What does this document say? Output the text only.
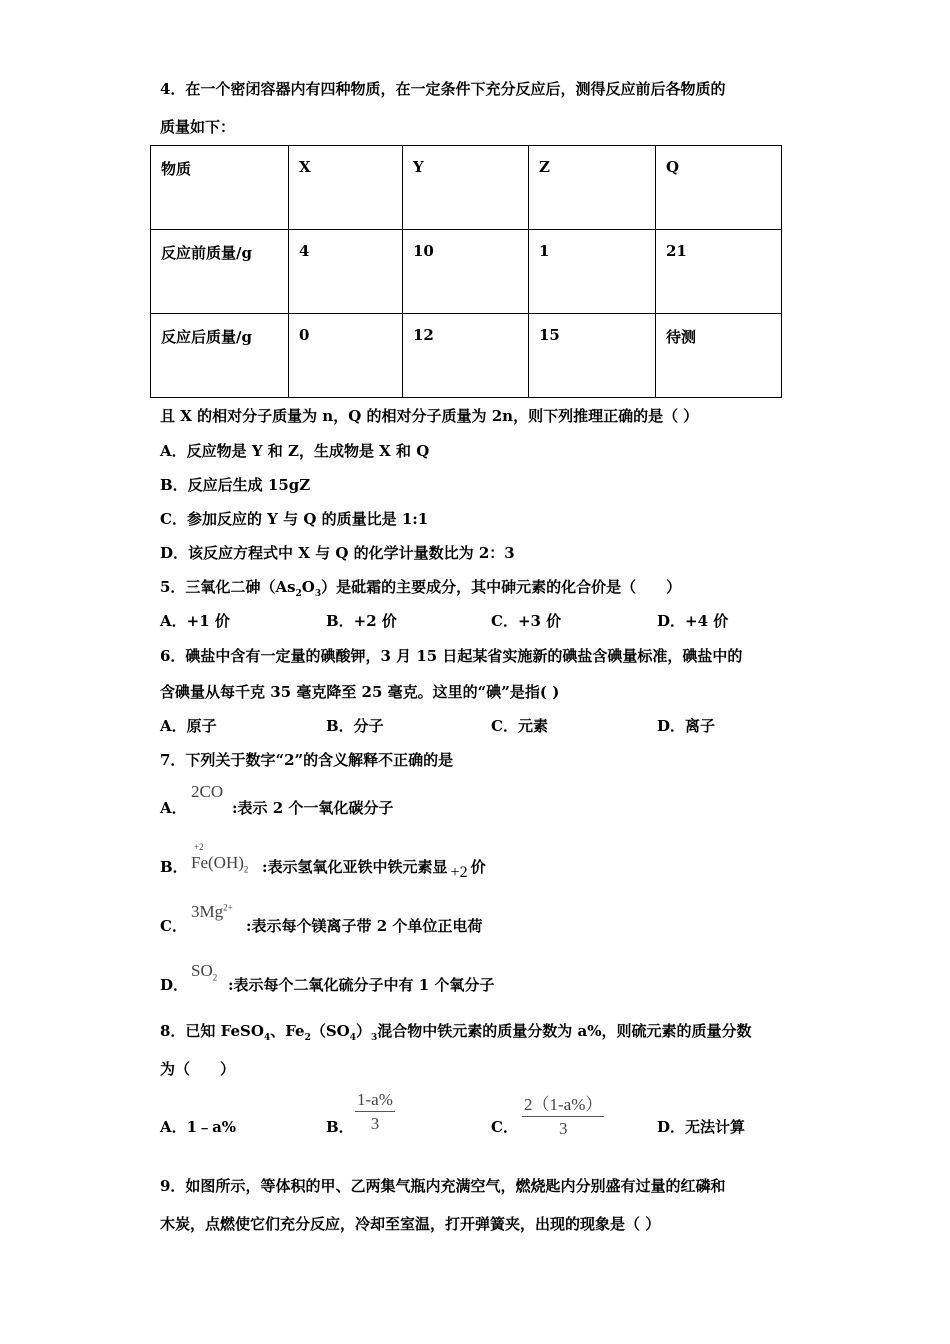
4．在一个密闭容器内有四种物质，在一定条件下充分反应后，测得反应前后各物质的
质量如下：
物质	X	Y	Z	Q
反应前质量/g	4	10	1	21
反应后质量/g	0	12	15	待测
且 X 的相对分子质量为 n，Q 的相对分子质量为 2n，则下列推理正确的是（ ）
A．反应物是 Y 和 Z，生成物是 X 和 Q
B．反应后生成 15gZ
C．参加反应的 Y 与 Q 的质量比是 1:1
D．该反应方程式中 X 与 Q 的化学计量数比为 2：3
5．三氧化二砷$(As_2O_3)$是砒霜的主要成分，其中砷元素的化合价是（　　）
A．+1 价	B．+2 价	C．+3 价	D．+4 价
6．碘盐中含有一定量的碘酸钾，3 月 15 日起某省实施新的碘盐含碘量标准，碘盐中的
含碘量从每千克 35 毫克降至 25 毫克。这里的“碘”是指( )
A．原子	B．分子	C．元素	D．离子
7．下列关于数字“2”的含义解释不正确的是
A．
2CO
:表示 2 个一氧化碳分子
B．
+2
$Fe(OH)_2$ :表示氢氧化亚铁中铁元素显 +2 价
C．
$3Mg^{2+}$
:表示每个镁离子带 2 个单位正电荷
D．
$SO_2$ :表示每个二氧化硫分子中有 1 个氧分子
8．已知 FeSO$_4$、$Fe_2(SO_4)_3$混合物中铁元素的质量分数为 a%，则硫元素的质量分数
为（　　）
A．1﹣a%	B． $\frac{1-a\%}{3}$	C． $\frac{2(1-a\%)}{3}$	D．无法计算
9．如图所示，等体积的甲、乙两集气瓶内充满空气，燃烧匙内分别盛有过量的红磷和
木炭，点燃使它们充分反应，冷却至室温，打开弹簧夹，出现的现象是（ ）
